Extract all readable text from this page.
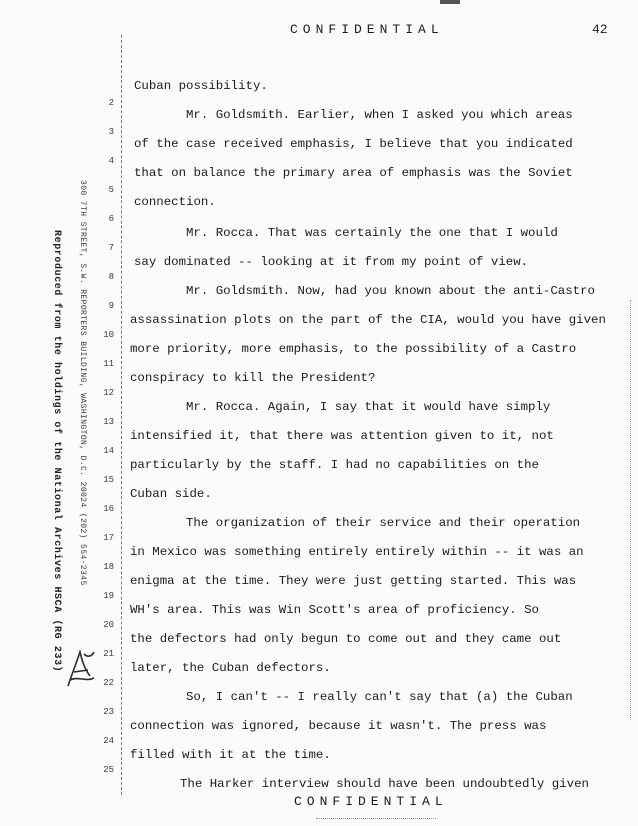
CONFIDENTIAL	42
Reproduced from the holdings of the National Archives HSCA (RG 233) 300 7TH STREET, S.W. REPORTERS BUILDING, WASHINGTON, D.C. 20024 (202) 554-2345
2
3
4
5
6
7
8
9
10
11
12
13
14
15
16
17
18
19
20
21
22
23
24
25
Cuban possibility.
Mr. Goldsmith. Earlier, when I asked you which areas
of the case received emphasis, I believe that you indicated
that on balance the primary area of emphasis was the Soviet
connection.
Mr. Rocca. That was certainly the one that I would
say dominated -- looking at it from my point of view.
Mr. Goldsmith. Now, had you known about the anti-Castro
assassination plots on the part of the CIA, would you have given
more priority, more emphasis, to the possibility of a Castro
conspiracy to kill the President?
Mr. Rocca. Again, I say that it would have simply
intensified it, that there was attention given to it, not
particularly by the staff. I had no capabilities on the
Cuban side.
The organization of their service and their operation
in Mexico was something entirely entirely within -- it was an
enigma at the time. They were just getting started. This was
WH's area. This was Win Scott's area of proficiency. So
the defectors had only begun to come out and they came out
later, the Cuban defectors.
So, I can't -- I really can't say that (a) the Cuban
connection was ignored, because it wasn't. The press was
filled with it at the time.
The Harker interview should have been undoubtedly given
CONFIDENTIAL
